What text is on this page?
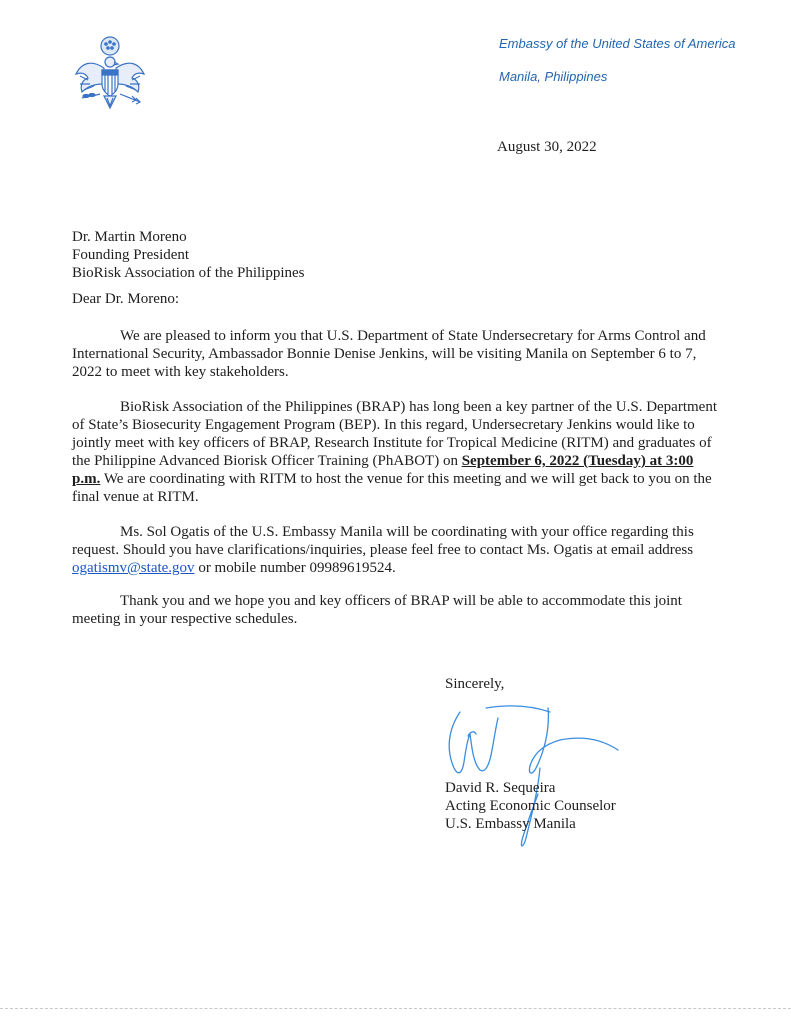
Embassy of the United States of America
Manila, Philippines
August 30, 2022
Dr. Martin Moreno
Founding President
BioRisk Association of the Philippines
Dear Dr. Moreno:

We are pleased to inform you that U.S. Department of State Undersecretary for Arms Control and International Security, Ambassador Bonnie Denise Jenkins, will be visiting Manila on September 6 to 7, 2022 to meet with key stakeholders.

BioRisk Association of the Philippines (BRAP) has long been a key partner of the U.S. Department of State’s Biosecurity Engagement Program (BEP). In this regard, Undersecretary Jenkins would like to jointly meet with key officers of BRAP, Research Institute for Tropical Medicine (RITM) and graduates of the Philippine Advanced Biorisk Officer Training (PhABOT) on September 6, 2022 (Tuesday) at 3:00 p.m. We are coordinating with RITM to host the venue for this meeting and we will get back to you on the final venue at RITM.

Ms. Sol Ogatis of the U.S. Embassy Manila will be coordinating with your office regarding this request. Should you have clarifications/inquiries, please feel free to contact Ms. Ogatis at email address ogatismv@state.gov or mobile number 09989619524.

Thank you and we hope you and key officers of BRAP will be able to accommodate this joint meeting in your respective schedules.

Sincerely,
David R. Sequeira
Acting Economic Counselor
U.S. Embassy Manila
